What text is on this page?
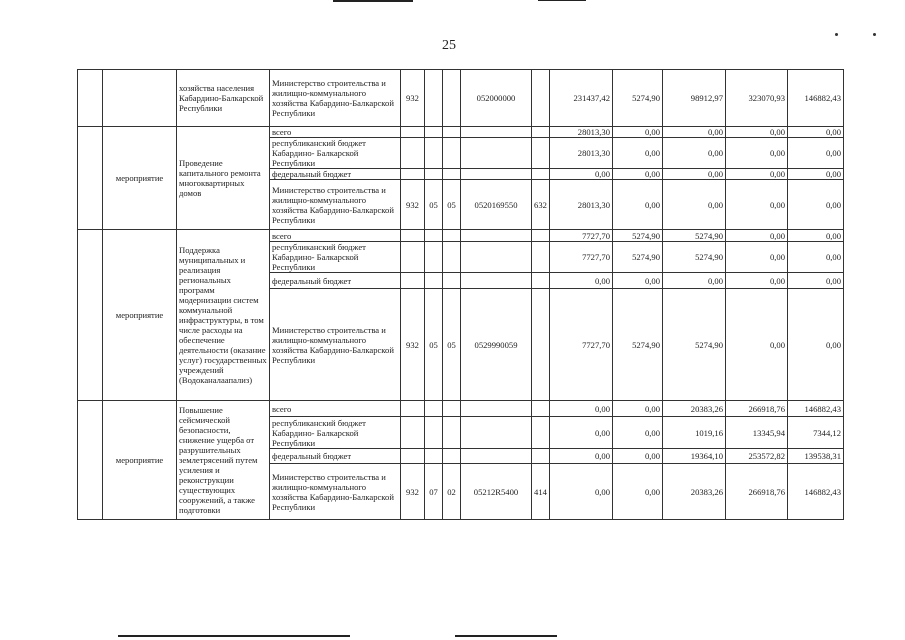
25
		хозяйства населения Кабардино-Балкарской Республики	Министерство строительства и жилищно-коммунального хозяйства Кабардино-Балкарской Республики	932			052000000		231437,42	5274,90	98912,97	323070,93	146882,43
	мероприятие	Проведение капитального ремонта многоквартирных домов	всего						28013,30	0,00	0,00	0,00	0,00
			республиканский бюджет Кабардино- Балкарской Республики						28013,30	0,00	0,00	0,00	0,00
			федеральный бюджет						0,00	0,00	0,00	0,00	0,00
			Министерство строительства и жилищно-коммунального хозяйства Кабардино-Балкарской Республики	932	05	05	0520169550	632	28013,30	0,00	0,00	0,00	0,00
	мероприятие	Поддержка муниципальных и реализация региональных программ модернизации систем коммунальной инфраструктуры, в том числе расходы на обеспечение деятельности (оказание услуг) государственных учреждений (Водоканалаапализ)	всего						7727,70	5274,90	5274,90	0,00	0,00
			республиканский бюджет Кабардино- Балкарской Республики						7727,70	5274,90	5274,90	0,00	0,00
			федеральный бюджет						0,00	0,00	0,00	0,00	0,00
			Министерство строительства и жилищно-коммунального хозяйства Кабардино-Балкарской Республики	932	05	05	0529990059		7727,70	5274,90	5274,90	0,00	0,00
	мероприятие	Повышение сейсмической безопасности, снижение ущерба от разрушительных землетрясений путем усиления и реконструкции существующих сооружений, а также подготовки	всего						0,00	0,00	20383,26	266918,76	146882,43
			республиканский бюджет Кабардино- Балкарской Республики						0,00	0,00	1019,16	13345,94	7344,12
			федеральный бюджет						0,00	0,00	19364,10	253572,82	139538,31
			Министерство строительства и жилищно-коммунального хозяйства Кабардино-Балкарской Республики	932	07	02	05212R5400	414	0,00	0,00	20383,26	266918,76	146882,43
